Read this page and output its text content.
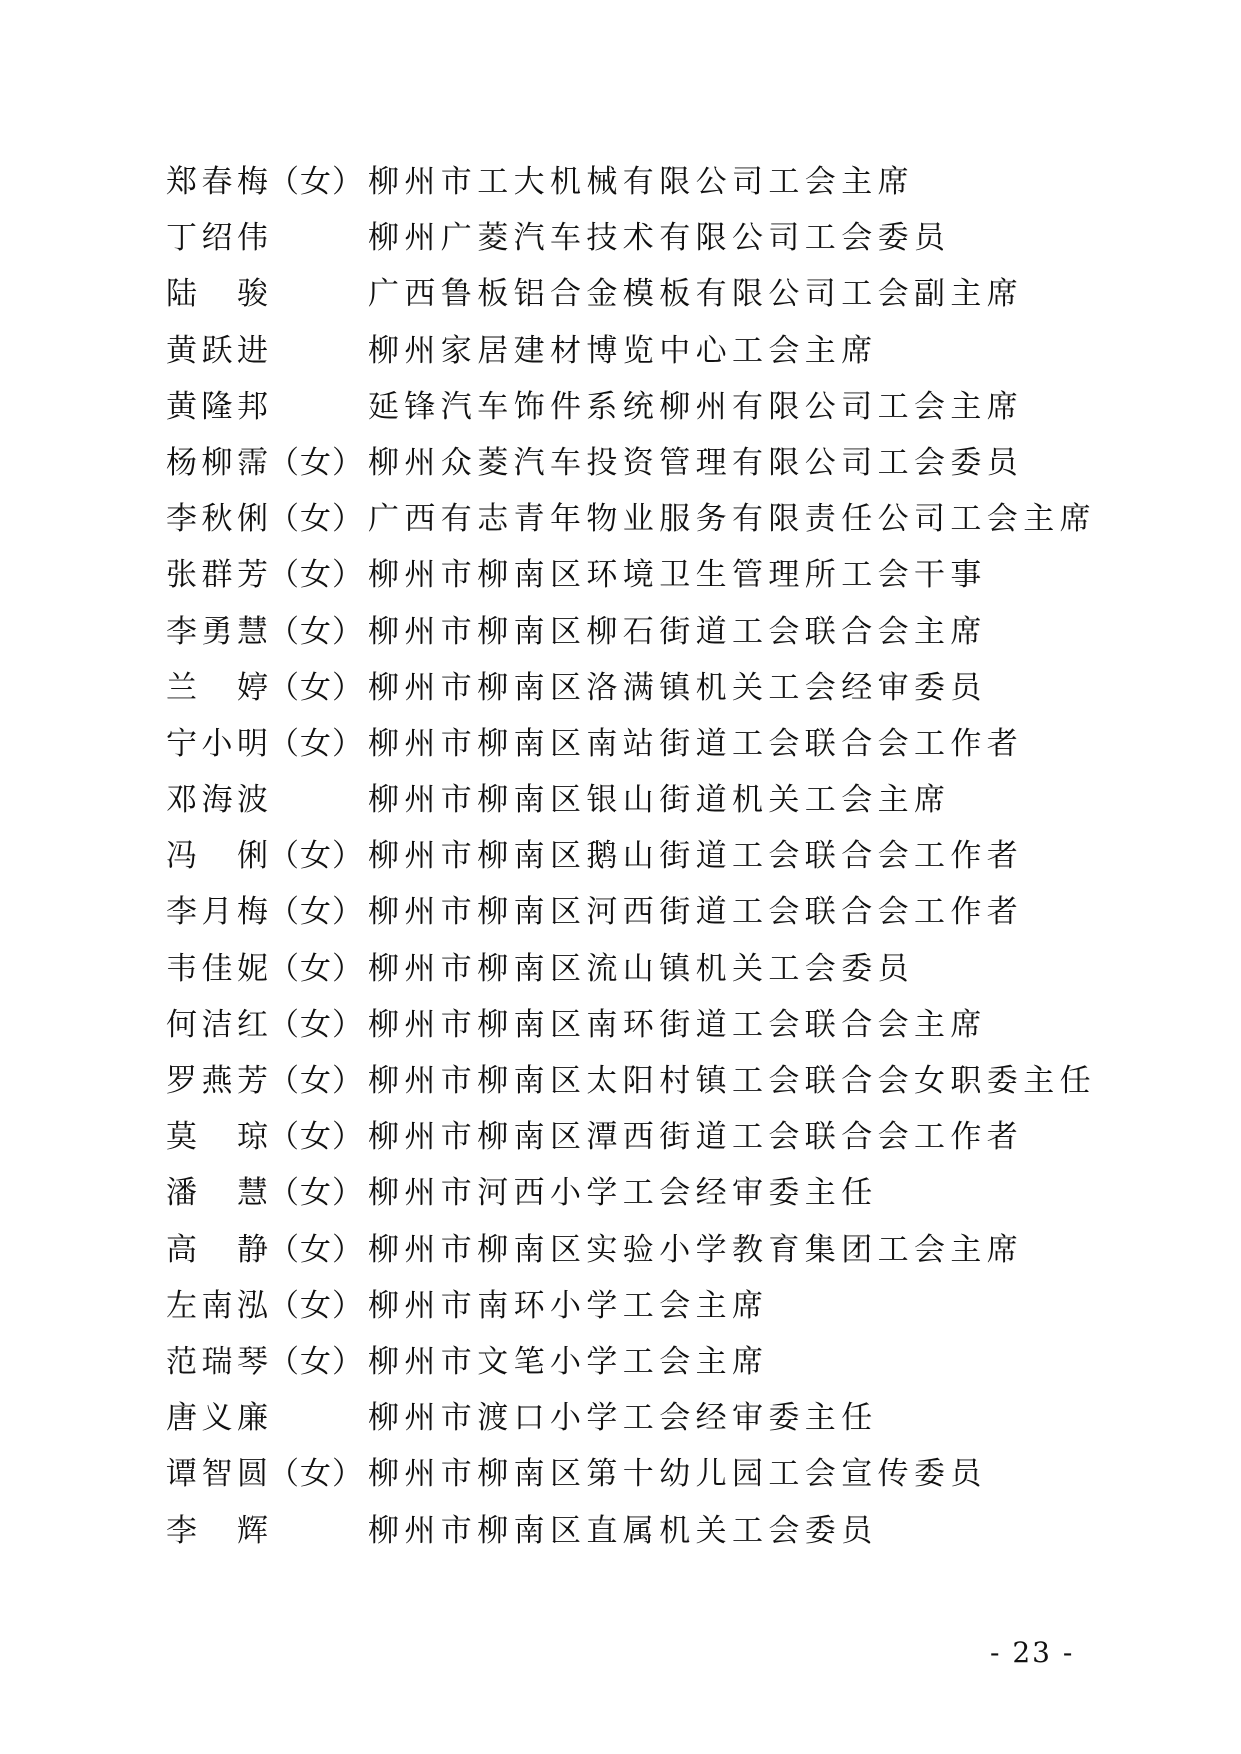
郑春梅 （女） 柳州市工大机械有限公司工会主席
丁绍伟	柳州广菱汽车技术有限公司工会委员
陆骏	广西鲁板铝合金模板有限公司工会副主席
黄跃进	柳州家居建材博览中心工会主席
黄隆邦	延锋汽车饰件系统柳州有限公司工会主席
杨柳霈 （女） 柳州众菱汽车投资管理有限公司工会委员
李秋俐 （女） 广西有志青年物业服务有限责任公司工会主席
张群芳 （女） 柳州市柳南区环境卫生管理所工会干事
李勇慧 （女） 柳州市柳南区柳石街道工会联合会主席
兰婷 （女） 柳州市柳南区洛满镇机关工会经审委员
宁小明 （女） 柳州市柳南区南站街道工会联合会工作者
邓海波	柳州市柳南区银山街道机关工会主席
冯俐 （女） 柳州市柳南区鹅山街道工会联合会工作者
李月梅 （女） 柳州市柳南区河西街道工会联合会工作者
韦佳妮 （女） 柳州市柳南区流山镇机关工会委员
何洁红 （女） 柳州市柳南区南环街道工会联合会主席
罗燕芳 （女） 柳州市柳南区太阳村镇工会联合会女职委主任
莫琼 （女） 柳州市柳南区潭西街道工会联合会工作者
潘慧 （女） 柳州市河西小学工会经审委主任
高静 （女） 柳州市柳南区实验小学教育集团工会主席
左南泓 （女） 柳州市南环小学工会主席
范瑞琴 （女） 柳州市文笔小学工会主席
唐义廉	柳州市渡口小学工会经审委主任
谭智圆 （女） 柳州市柳南区第十幼儿园工会宣传委员
李辉	柳州市柳南区直属机关工会委员
- 23 -
